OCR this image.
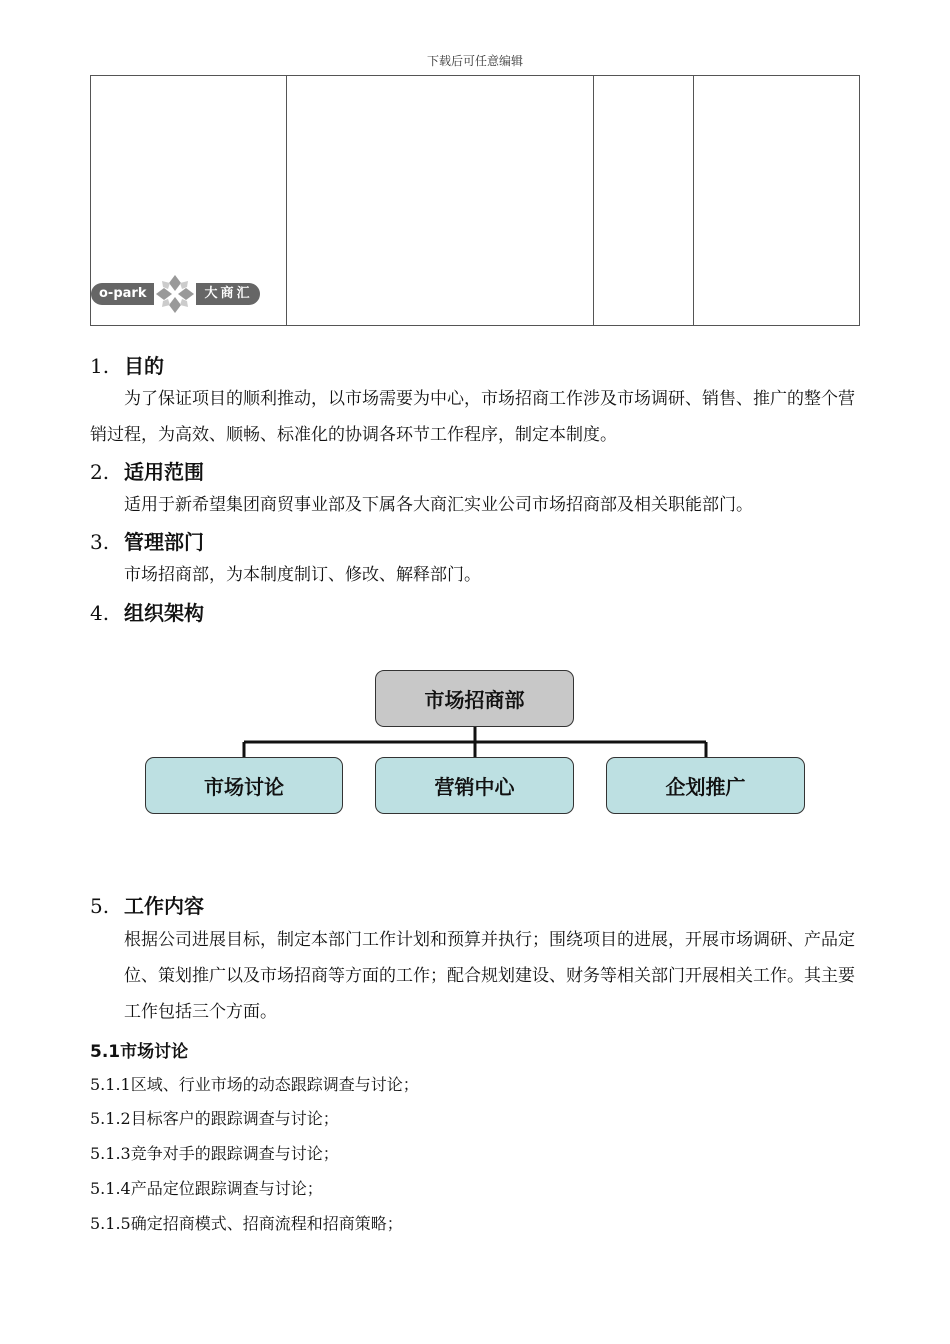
下载后可任意编辑
o-park	大商汇

1. 目的
为了保证项目的顺利推动，以市场需要为中心，市场招商工作涉及市场调研、销售、推广的整个营销过程，为高效、顺畅、标准化的协调各环节工作程序，制定本制度。
2. 适用范围
适用于新希望集团商贸事业部及下属各大商汇实业公司市场招商部及相关职能部门。
3. 管理部门
市场招商部，为本制度制订、修改、解释部门。
4. 组织架构
市场招商部
市场讨论	营销中心	企划推广
5. 工作内容
根据公司进展目标，制定本部门工作计划和预算并执行；围绕项目的进展，开展市场调研、产品定位、策划推广以及市场招商等方面的工作；配合规划建设、财务等相关部门开展相关工作。其主要工作包括三个方面。
5.1市场讨论
5.1.1区域、行业市场的动态跟踪调查与讨论；
5.1.2目标客户的跟踪调查与讨论；
5.1.3竞争对手的跟踪调查与讨论；
5.1.4产品定位跟踪调查与讨论；
5.1.5确定招商模式、招商流程和招商策略；
